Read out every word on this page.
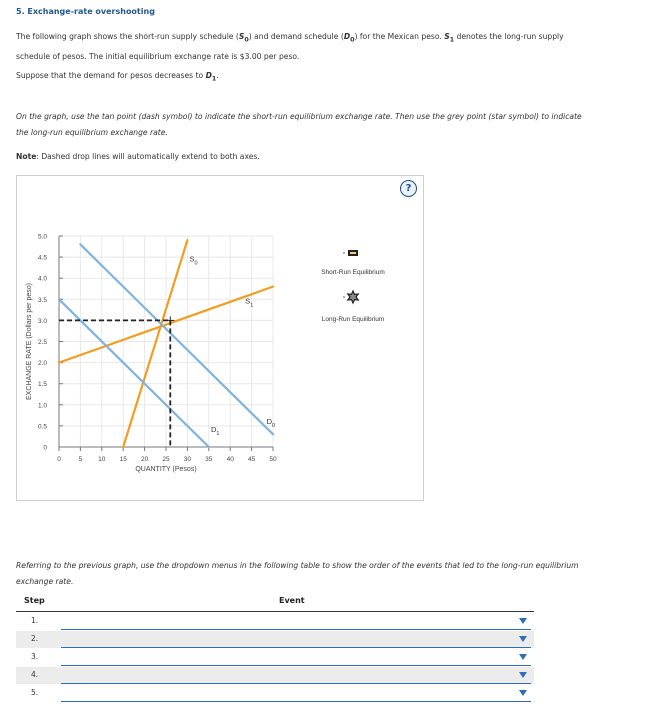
5. Exchange-rate overshooting
The following graph shows the short-run supply schedule $(S_0)$ and demand schedule $(D_0)$ for the Mexican peso. $S_1$ denotes the long-run supply
schedule of pesos. The initial equilibrium exchange rate is $3.00 per peso.
Suppose that the demand for pesos decreases to $D_1$.
On the graph, use the tan point (dash symbol) to indicate the short-run equilibrium exchange rate. Then use the grey point (star symbol) to indicate
the long-run equilibrium exchange rate.
Note: Dashed drop lines will automatically extend to both axes.
?
0	5 10 15 20 25 30 35 40 45 50
0
0.5
1.0
1.5
2.0
2.5
3.0
3.5
4.0
4.5
5.0
QUANTITY (Pesos)
EXCHANGE RATE (Dollars per peso)
$S_0$
$S_1$
$D_1$
$D_0$
Short-Run Equilibrium
Long-Run Equilibrium
Referring to the previous graph, use the dropdown menus in the following table to show the order of the events that led to the long-run equilibrium
exchange rate.
Step	Event
1.
2.
3.
4.
5.
